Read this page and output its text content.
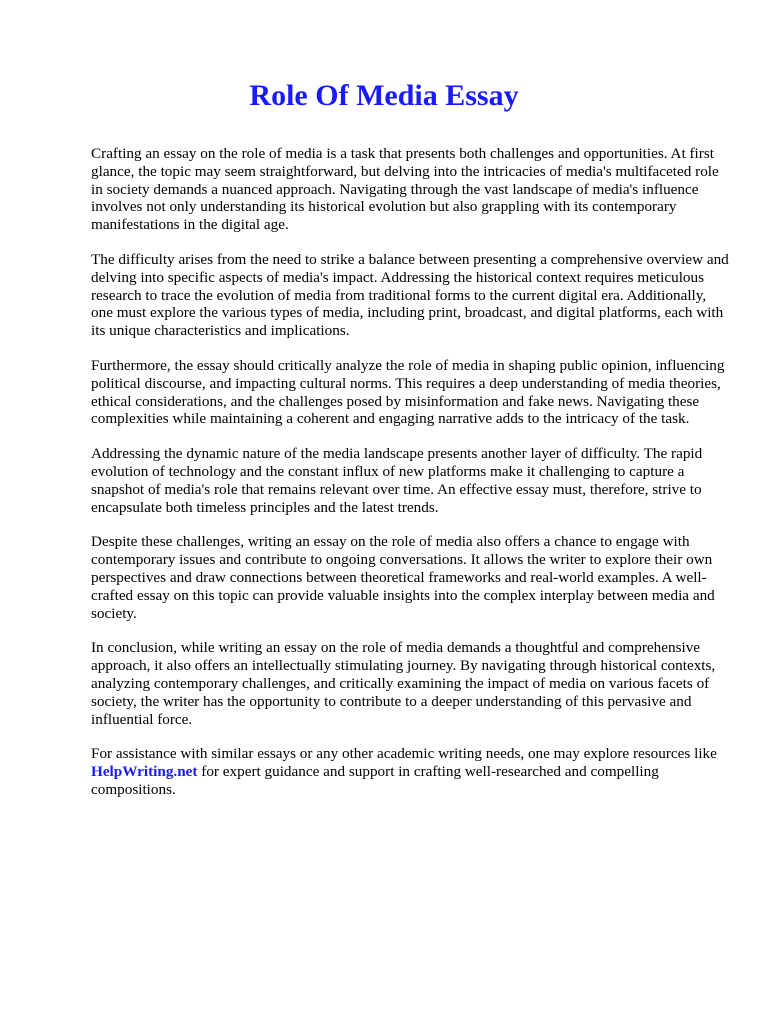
Role Of Media Essay

Crafting an essay on the role of media is a task that presents both challenges and opportunities. At first glance, the topic may seem straightforward, but delving into the intricacies of media's multifaceted role in society demands a nuanced approach. Navigating through the vast landscape of media's influence involves not only understanding its historical evolution but also grappling with its contemporary manifestations in the digital age.

The difficulty arises from the need to strike a balance between presenting a comprehensive overview and delving into specific aspects of media's impact. Addressing the historical context requires meticulous research to trace the evolution of media from traditional forms to the current digital era. Additionally, one must explore the various types of media, including print, broadcast, and digital platforms, each with its unique characteristics and implications.

Furthermore, the essay should critically analyze the role of media in shaping public opinion, influencing political discourse, and impacting cultural norms. This requires a deep understanding of media theories, ethical considerations, and the challenges posed by misinformation and fake news. Navigating these complexities while maintaining a coherent and engaging narrative adds to the intricacy of the task.

Addressing the dynamic nature of the media landscape presents another layer of difficulty. The rapid evolution of technology and the constant influx of new platforms make it challenging to capture a snapshot of media's role that remains relevant over time. An effective essay must, therefore, strive to encapsulate both timeless principles and the latest trends.

Despite these challenges, writing an essay on the role of media also offers a chance to engage with contemporary issues and contribute to ongoing conversations. It allows the writer to explore their own perspectives and draw connections between theoretical frameworks and real-world examples. A well-crafted essay on this topic can provide valuable insights into the complex interplay between media and society.

In conclusion, while writing an essay on the role of media demands a thoughtful and comprehensive approach, it also offers an intellectually stimulating journey. By navigating through historical contexts, analyzing contemporary challenges, and critically examining the impact of media on various facets of society, the writer has the opportunity to contribute to a deeper understanding of this pervasive and influential force.

For assistance with similar essays or any other academic writing needs, one may explore resources like HelpWriting.net for expert guidance and support in crafting well-researched and compelling compositions.
